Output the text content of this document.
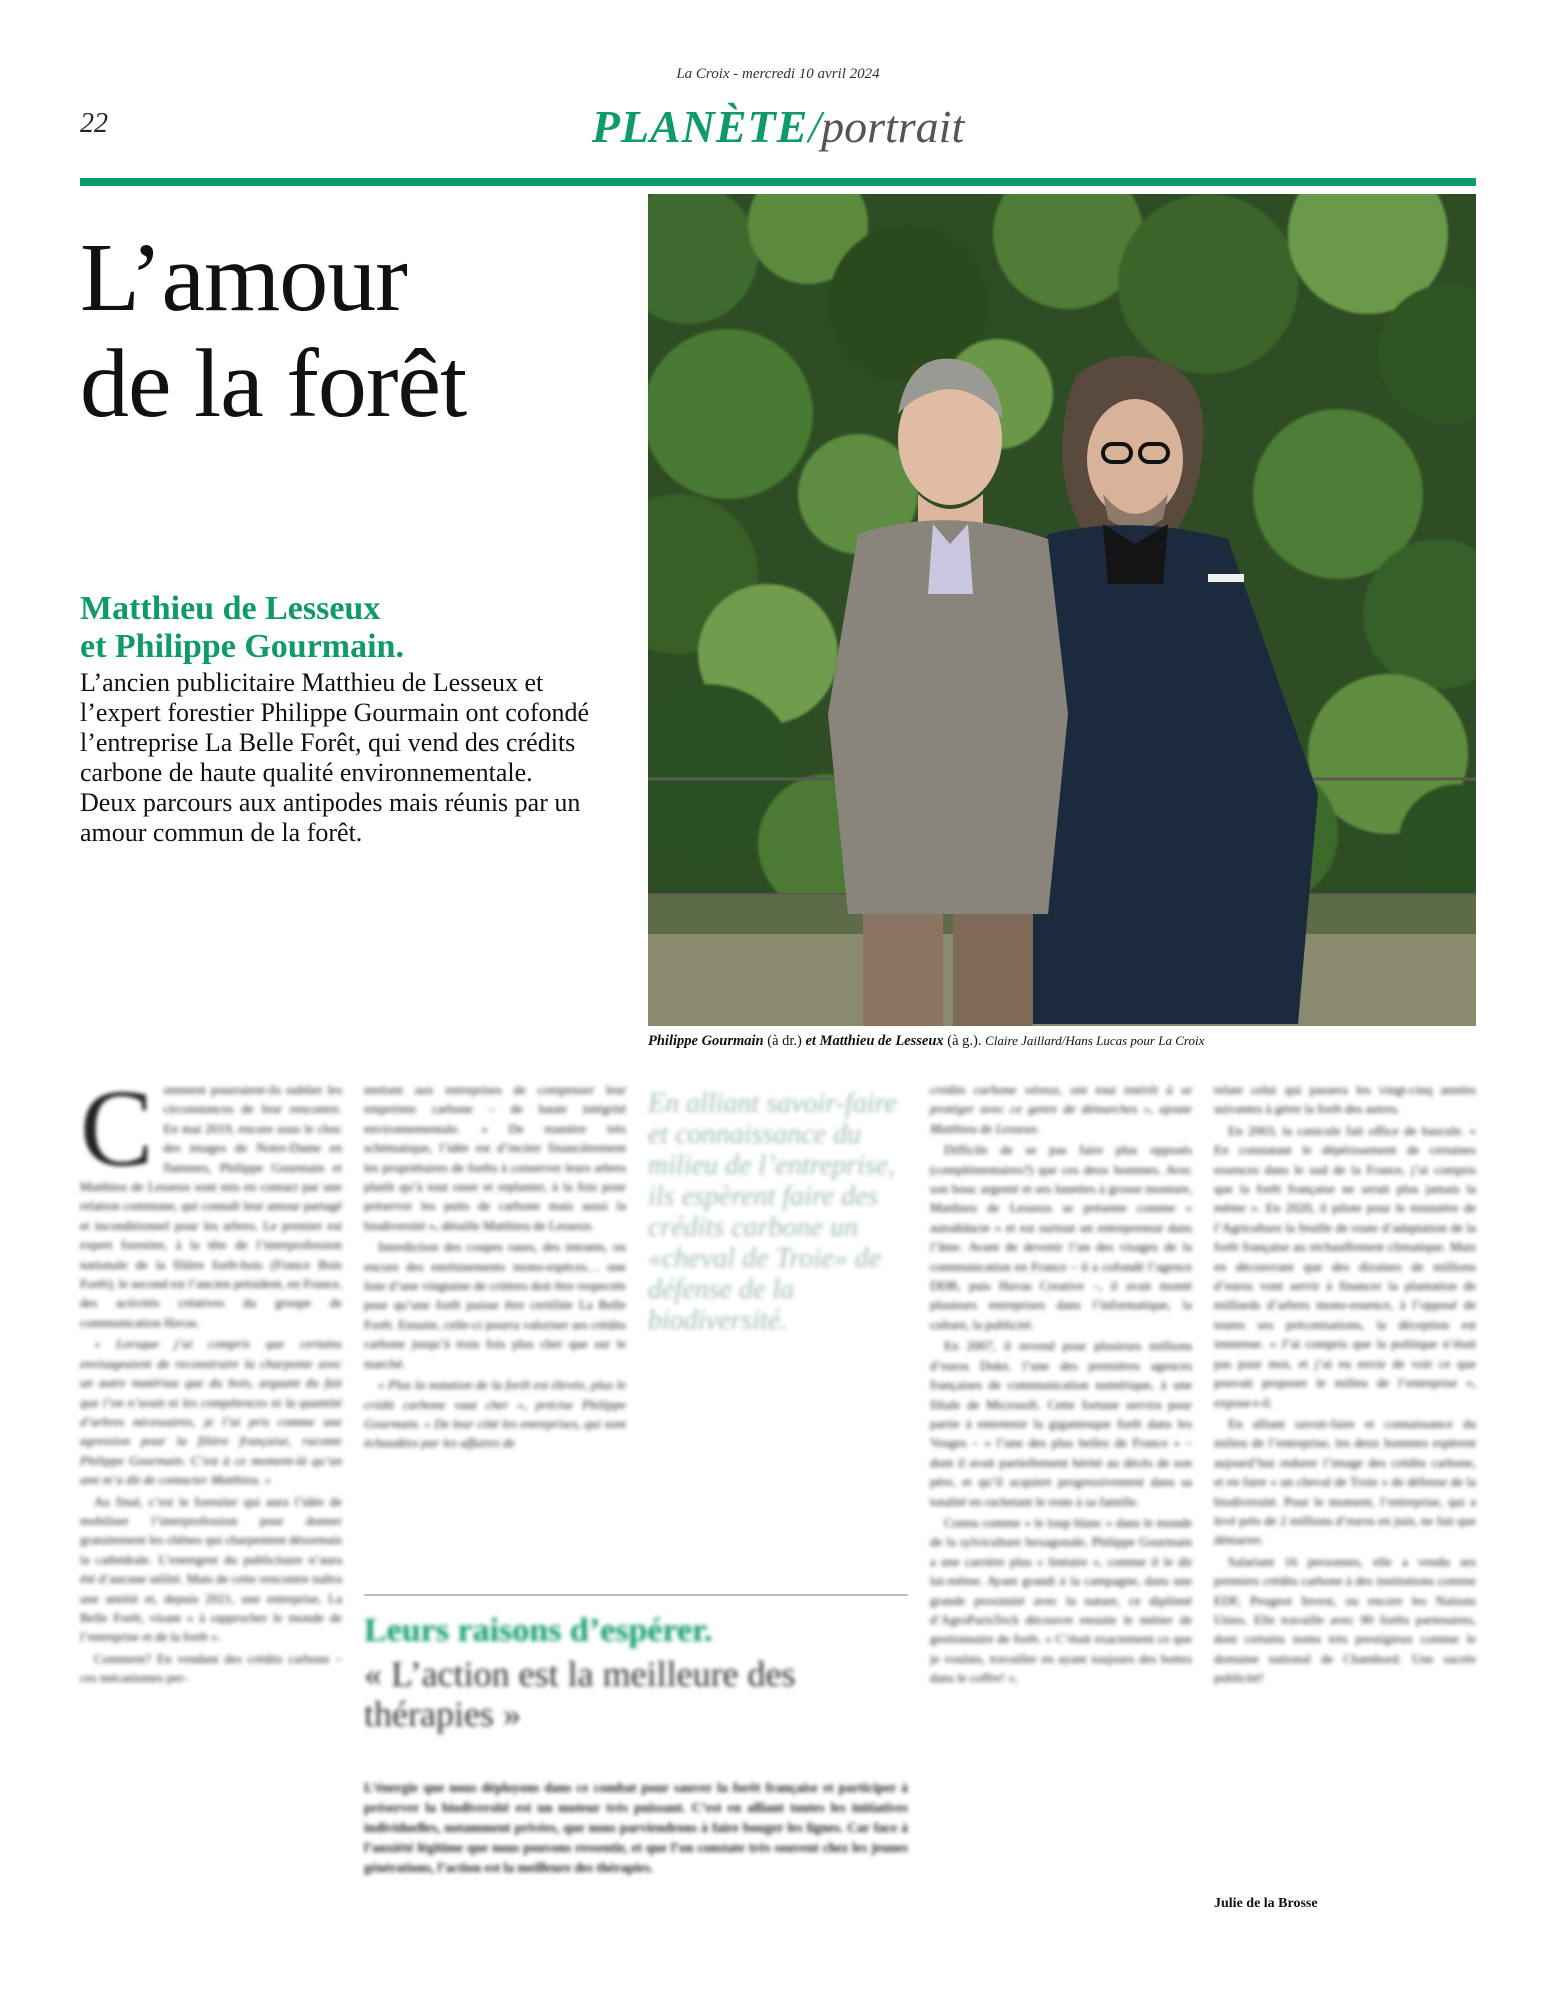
La Croix - mercredi 10 avril 2024
22	PLANÈTE/portrait
L’amour
de la forêt
Matthieu de Lesseux
et Philippe Gourmain.

L’ancien publicitaire Matthieu de Lesseux et l’expert forestier Philippe Gourmain ont cofondé l’entreprise La Belle Forêt, qui vend des crédits carbone de haute qualité environnementale.

Deux parcours aux antipodes mais réunis par un amour commun de la forêt.

Philippe Gourmain (à dr.) et Matthieu de Lesseux (à g.). Claire Jaillard/Hans Lucas pour La Croix

Comment pourraient-ils oublier les circonstances de leur rencontre. En mai 2019, encore sous le choc des images de Notre-Dame en flammes, Philippe Gourmain et Matthieu de Lesseux sont mis en contact par une relation commune, qui connaît leur amour partagé et inconditionnel pour les arbres. Le premier est expert forestier, à la tête de l’interprofession nationale de la filière forêt-bois (France Bois Forêt); le second est l’ancien président, en France, des activités créatives du groupe de communication Havas.

« Lorsque j’ai compris que certains envisageaient de reconstruire la charpente avec un autre matériau que du bois, arguant du fait que l’on n’avait ni les compétences ni la quantité d’arbres nécessaires, je l’ai pris comme une agression pour la filière française, raconte Philippe Gourmain. C’est à ce moment-là qu’un ami m’a dit de contacter Matthieu. »

Au final, c’est le forestier qui aura l’idée de mobiliser l’interprofession pour donner gratuitement les chênes qui charpentent désormais la cathédrale. L’entregent du publicitaire n’aura été d’aucune utilité. Mais de cette rencontre naîtra une amitié et, depuis 2021, une entreprise, La Belle Forêt, visant « à rapprocher le monde de l’entreprise et de la forêt ».

Comment? En vendant des crédits carbone – ces mécanismes per-

mettant aux entreprises de compenser leur empreinte carbone – de haute intégrité environnementale. « De manière très schématique, l’idée est d’inciter financièrement les propriétaires de forêts à conserver leurs arbres plutôt qu’à tout raser et replanter, à la fois pour préserver les puits de carbone mais aussi la biodiversité », détaille Matthieu de Lesseux.

Interdiction des coupes rases, des intrants, ou encore des enrésinements mono-espèces… une liste d’une vingtaine de critères doit être respectée pour qu’une forêt puisse être certifiée La Belle Forêt. Ensuite, celle-ci pourra valoriser ses crédits carbone jusqu’à trois fois plus cher que sur le marché.

« Plus la notation de la forêt est élevée, plus le crédit carbone vaut cher », précise Philippe Gourmain. « De leur côté les entreprises, qui sont échaudées par les affaires de

En alliant savoir-faire et connaissance du milieu de l’entreprise, ils espèrent faire des crédits carbone un «cheval de Troie» de défense de la biodiversité.

crédits carbone véreux, ont tout intérêt à se protéger avec ce genre de démarches », ajoute Matthieu de Lesseux.

Difficile de se pas faire plus opposés (complémentaires?) que ces deux hommes. Avec son bouc argenté et ses lunettes à grosse monture, Matthieu de Lesseux se présente comme « autodidacte » et est surtout un entrepreneur dans l’âme. Avant de devenir l’un des visages de la communication en France – il a cofondé l’agence DDB, puis Havas Creative –, il avait monté plusieurs entreprises dans l’informatique, la culture, la publicité.

En 2007, il revend pour plusieurs millions d’euros Duke, l’une des premières agences françaises de communication numérique, à une filiale de Microsoft. Cette fortune servira pour partie à entretenir la gigantesque forêt dans les Vosges – « l’une des plus belles de France » – dont il avait partiellement hérité au décès de son père, et qu’il acquiert progressivement dans sa totalité en rachetant le reste à sa famille.

Connu comme « le loup blanc » dans le monde de la sylviculture hexagonale, Philippe Gourmain a une carrière plus « linéaire », comme il le dit lui-même. Ayant grandi à la campagne, dans une grande proximité avec la nature, ce diplômé d’AgroParisTech découvre ensuite le métier de gestionnaire de forêt. « C’était exactement ce que je voulais, travailler en ayant toujours des bottes dans le coffre! »,

relate celui qui passera les vingt-cinq années suivantes à gérer la forêt des autres.

En 2003, la canicule fait office de bascule. « En constatant le dépérissement de certaines essences dans le sud de la France, j’ai compris que la forêt française ne serait plus jamais la même ». En 2020, il pilote pour le ministère de l’Agriculture la feuille de route d’adaptation de la forêt française au réchauffement climatique. Mais en découvrant que des dizaines de millions d’euros vont servir à financer la plantation de milliards d’arbres mono-essence, à l’opposé de toutes ses préconisations, la déception est immense. « J’ai compris que la politique n’était pas pour moi, et j’ai eu envie de voir ce que pouvait proposer le milieu de l’entreprise », expose-t-il.

En alliant savoir-faire et connaissance du milieu de l’entreprise, les deux hommes espèrent aujourd’hui redorer l’image des crédits carbone, et en faire « un cheval de Troie » de défense de la biodiversité. Pour le moment, l’entreprise, qui a levé près de 2 millions d’euros en juin, ne fait que démarrer.

Salariant 16 personnes, elle a vendu ses premiers crédits carbone à des institutions comme EDF, Peugeot Invest, ou encore les Nations Unies. Elle travaille avec 90 forêts partenaires, dont certains noms très prestigieux comme le domaine national de Chambord. Une sacrée publicité!

Leurs raisons d’espérer.
« L’action est la meilleure des thérapies »
L’énergie que nous déployons dans ce combat pour sauver la forêt française et participer à préserver la biodiversité est un moteur très puissant. C’est en alliant toutes les initiatives individuelles, notamment privées, que nous parviendrons à faire bouger les lignes. Car face à l’anxiété légitime que nous pouvons ressentir, et que l’on constate très souvent chez les jeunes générations, l’action est la meilleure des thérapies.
Julie de la Brosse
